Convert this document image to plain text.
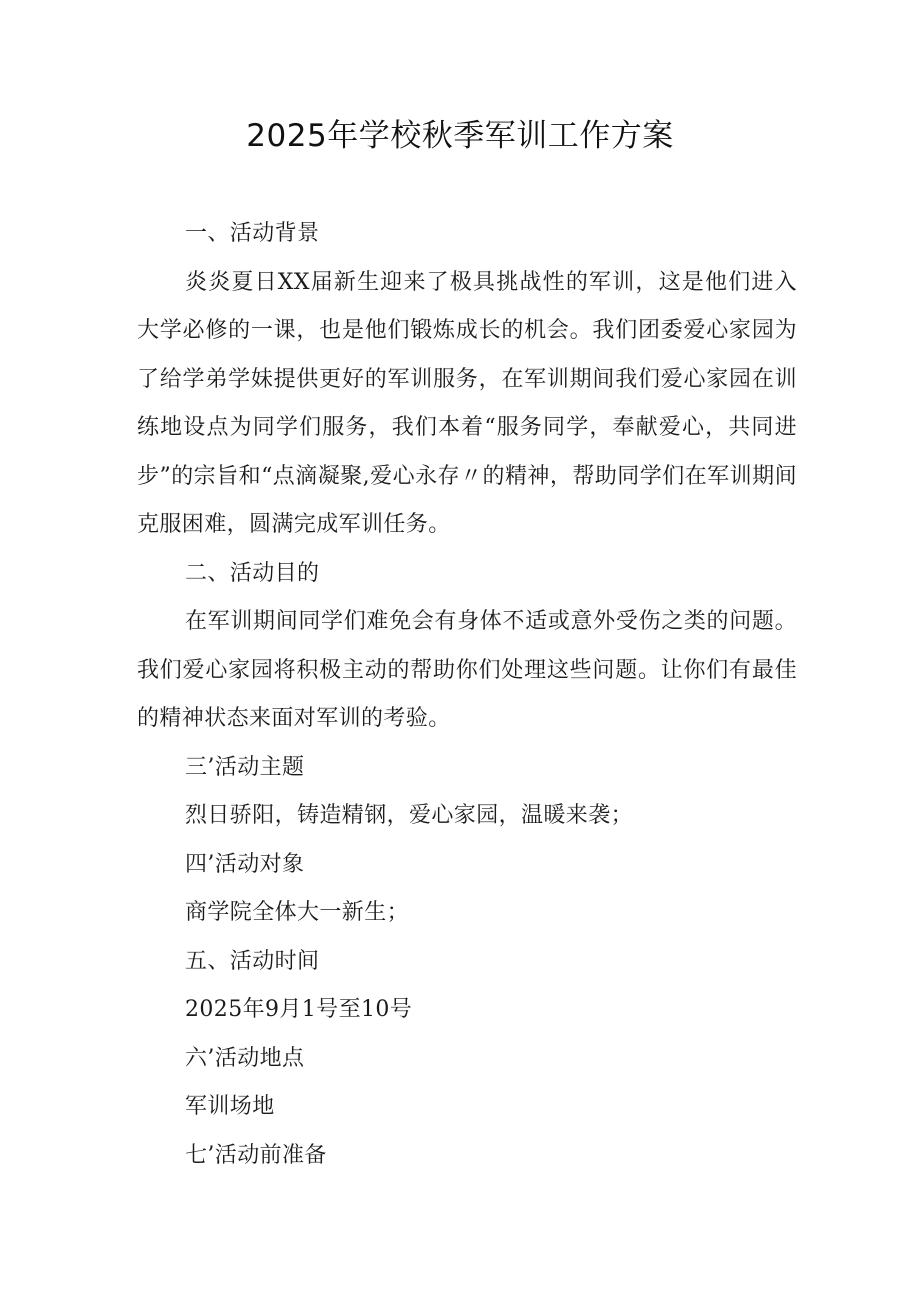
2025年学校秋季军训工作方案

一、活动背景

炎炎夏日XX届新生迎来了极具挑战性的军训，这是他们进入大学必修的一课，也是他们锻炼成长的机会。我们团委爱心家园为了给学弟学妹提供更好的军训服务，在军训期间我们爱心家园在训练地设点为同学们服务，我们本着“服务同学，奉献爱心，共同进步”的宗旨和“点滴凝聚,爱心永存〃的精神，帮助同学们在军训期间克服困难，圆满完成军训任务。

二、活动目的

在军训期间同学们难免会有身体不适或意外受伤之类的问题。我们爱心家园将积极主动的帮助你们处理这些问题。让你们有最佳的精神状态来面对军训的考验。

三’活动主题

烈日骄阳，铸造精钢，爱心家园，温暖来袭；

四’活动对象

商学院全体大一新生；

五、活动时间

2025年9月1号至10号

六’活动地点

军训场地

七’活动前准备
